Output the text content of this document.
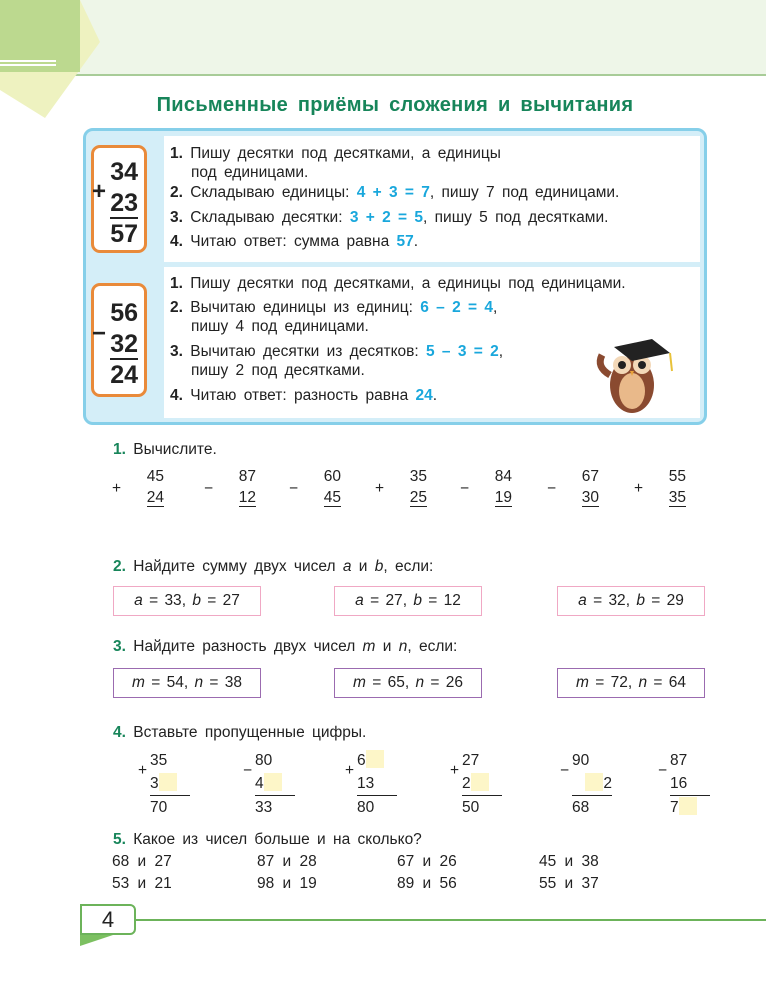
Письменные приёмы сложения и вычитания
1. Пишу десятки под десятками, а единицы
под единицами.
2. Складываю единицы: 4 + 3 = 7, пишу 7 под единицами.
3. Складываю десятки: 3 + 2 = 5, пишу 5 под десятками.
4. Читаю ответ: сумма равна 57.
1. Пишу десятки под десятками, а единицы под единицами.
2. Вычитаю единицы из единиц: 6 – 2 = 4,
пишу 4 под единицами.
3. Вычитаю десятки из десятков: 5 – 3 = 2,
пишу 2 под десятками.
4. Читаю ответ: разность равна 24.
+
34
23
57
−
56
32
24
1. Вычислите.
+
45
24
−
87
12
−
60
45
+
35
25
−
84
19
−
67
30
+
55
35
2. Найдите сумму двух чисел a и b, если:
a = 33, b = 27	a = 27, b = 12	a = 32, b = 29
3. Найдите разность двух чисел m и n, если:
m = 54, n = 38	m = 65, n = 26	m = 72, n = 64
4. Вставьте пропущенные цифры.
+
35
3
70
−
80
4
33
+
6
13
80
+
27
2
50
−
90
2
68
−
87
16
7
5. Какое из чисел больше и на сколько?
68 и 27	87 и 28	67 и 26	45 и 38
53 и 21	98 и 19	89 и 56	55 и 37
4
